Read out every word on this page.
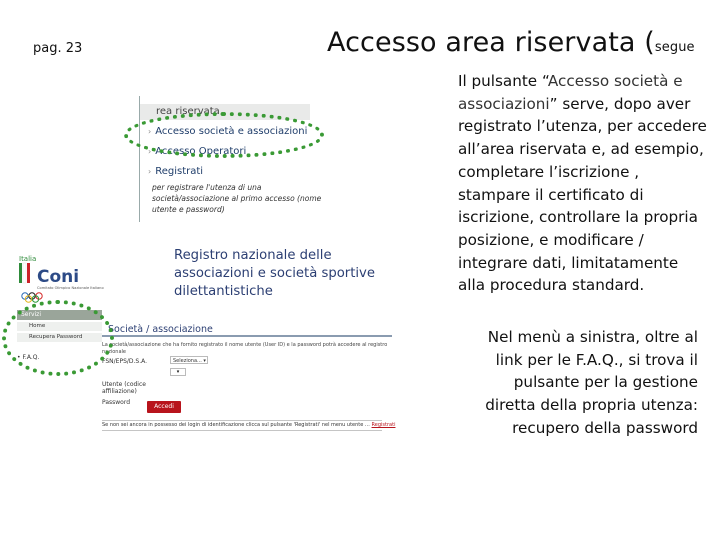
pag. 23	Accesso area riservata (segue
Il pulsante “Accesso società e associazioni” serve, dopo aver registrato l’utenza, per accedere all’area riservata e, ad esempio, completare l’iscrizione , stampare il certificato di iscrizione, controllare la propria posizione, e modificare / integrare dati, limitatamente alla procedura standard.
Nel menù a sinistra, oltre al link per le F.A.Q., si trova il pulsante per la gestione diretta della propria utenza: recupero della password
rea riservata
› Accesso società e associazioni
› Accesso Operatori
› Registrati
per registrare l'utenza di una società/associazione al primo accesso (nome utente e password)
Italia
Coni
Comitato Olimpico Nazionale Italiano
Registro nazionale delle associazioni e società sportive dilettantistiche
Servizi
Home
Recupera Password
• F.A.Q.
Società / associazione
La società/associazione che ha fornito registrato il nome utente (User ID) e la password potrà accedere al registro nazionale
FSN/EPS/D.S.A.	Seleziona... ▾
▾
Utente (codice affiliazione)
Password
Accedi
Se non sei ancora in possesso dei login di identificazione clicca sul pulsante 'Registrati' nel menu utente … Registrati
